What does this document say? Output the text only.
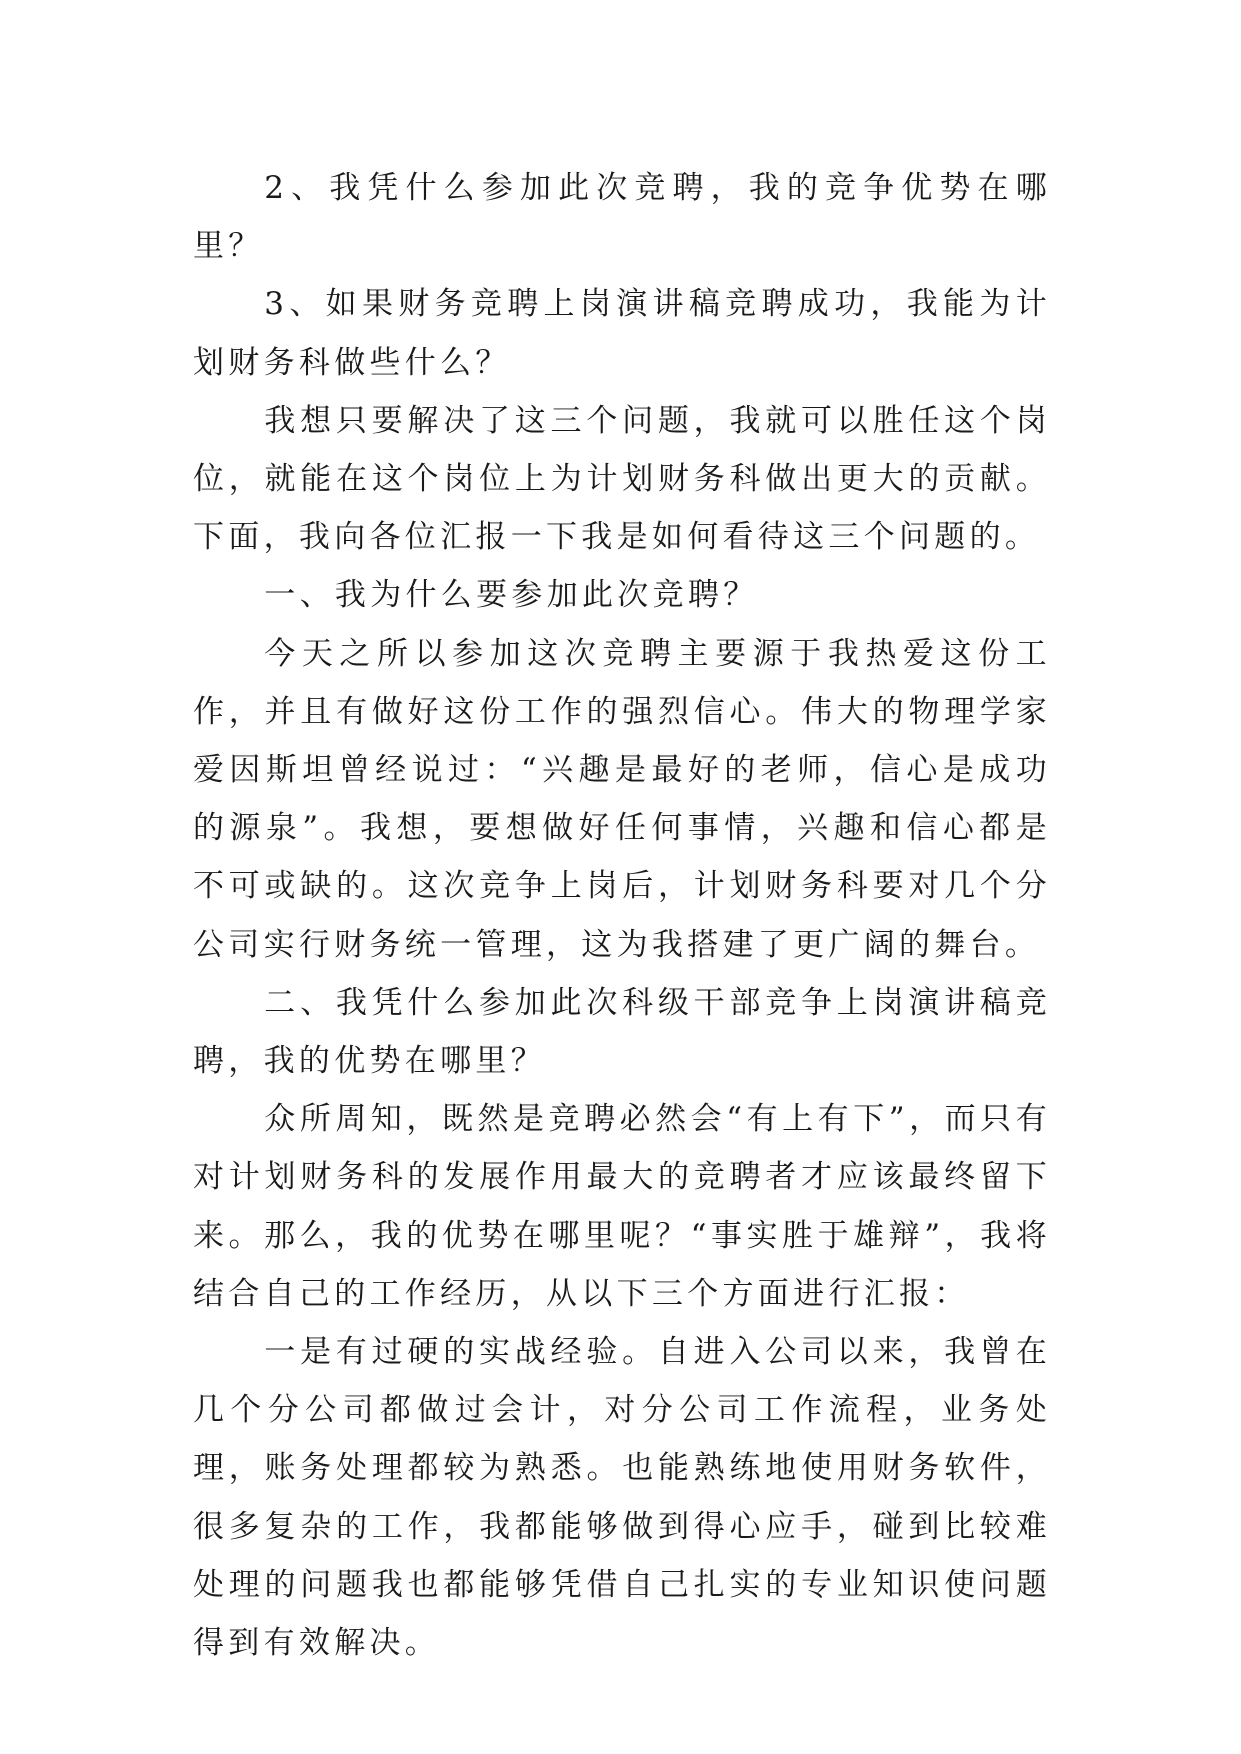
2、我凭什么参加此次竞聘，我的竞争优势在哪里？

3、如果财务竞聘上岗演讲稿竞聘成功，我能为计划财务科做些什么？

我想只要解决了这三个问题，我就可以胜任这个岗位，就能在这个岗位上为计划财务科做出更大的贡献。下面，我向各位汇报一下我是如何看待这三个问题的。

一、我为什么要参加此次竞聘？

今天之所以参加这次竞聘主要源于我热爱这份工作，并且有做好这份工作的强烈信心。伟大的物理学家爱因斯坦曾经说过：“兴趣是最好的老师，信心是成功的源泉”。我想，要想做好任何事情，兴趣和信心都是不可或缺的。这次竞争上岗后，计划财务科要对几个分公司实行财务统一管理，这为我搭建了更广阔的舞台。

二、我凭什么参加此次科级干部竞争上岗演讲稿竞聘，我的优势在哪里？

众所周知，既然是竞聘必然会“有上有下”，而只有对计划财务科的发展作用最大的竞聘者才应该最终留下来。那么，我的优势在哪里呢？“事实胜于雄辩”，我将结合自己的工作经历，从以下三个方面进行汇报：

一是有过硬的实战经验。自进入公司以来，我曾在几个分公司都做过会计，对分公司工作流程，业务处理，账务处理都较为熟悉。也能熟练地使用财务软件，很多复杂的工作，我都能够做到得心应手，碰到比较难处理的问题我也都能够凭借自己扎实的专业知识使问题得到有效解决。
